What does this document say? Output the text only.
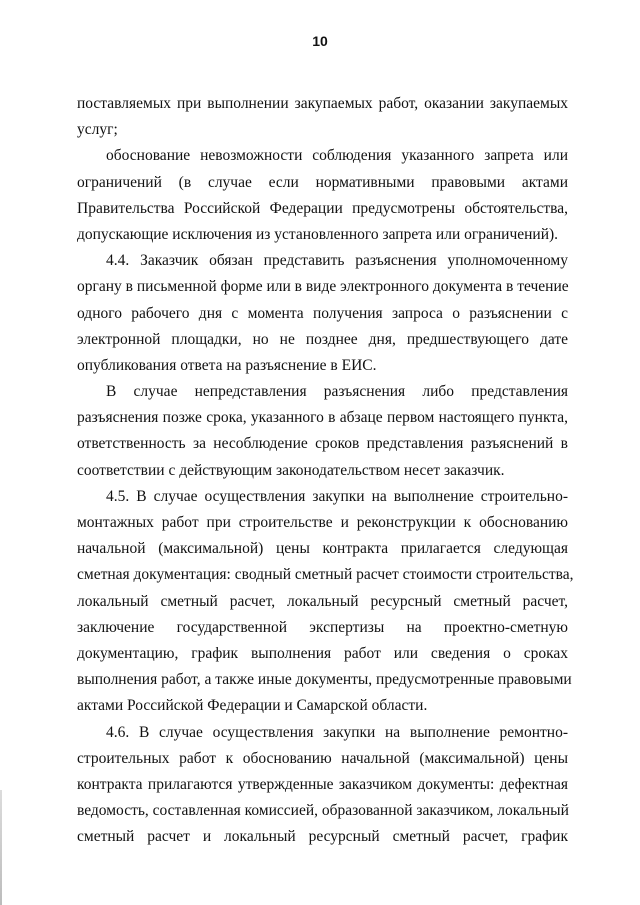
10
поставляемых при выполнении закупаемых работ, оказании закупаемых
услуг;
обоснование невозможности соблюдения указанного запрета или
ограничений (в случае если нормативными правовыми актами
Правительства Российской Федерации предусмотрены обстоятельства,
допускающие исключения из установленного запрета или ограничений).
4.4. Заказчик обязан представить разъяснения уполномоченному
органу в письменной форме или в виде электронного документа в течение
одного рабочего дня с момента получения запроса о разъяснении с
электронной площадки, но не позднее дня, предшествующего дате
опубликования ответа на разъяснение в ЕИС.
В случае непредставления разъяснения либо представления
разъяснения позже срока, указанного в абзаце первом настоящего пункта,
ответственность за несоблюдение сроков представления разъяснений в
соответствии с действующим законодательством несет заказчик.
4.5. В случае осуществления закупки на выполнение строительно-
монтажных работ при строительстве и реконструкции к обоснованию
начальной (максимальной) цены контракта прилагается следующая
сметная документация: сводный сметный расчет стоимости строительства,
локальный сметный расчет, локальный ресурсный сметный расчет,
заключение государственной экспертизы на проектно-сметную
документацию, график выполнения работ или сведения о сроках
выполнения работ, а также иные документы, предусмотренные правовыми
актами Российской Федерации и Самарской области.
4.6. В случае осуществления закупки на выполнение ремонтно-
строительных работ к обоснованию начальной (максимальной) цены
контракта прилагаются утвержденные заказчиком документы: дефектная
ведомость, составленная комиссией, образованной заказчиком, локальный
сметный расчет и локальный ресурсный сметный расчет, график
